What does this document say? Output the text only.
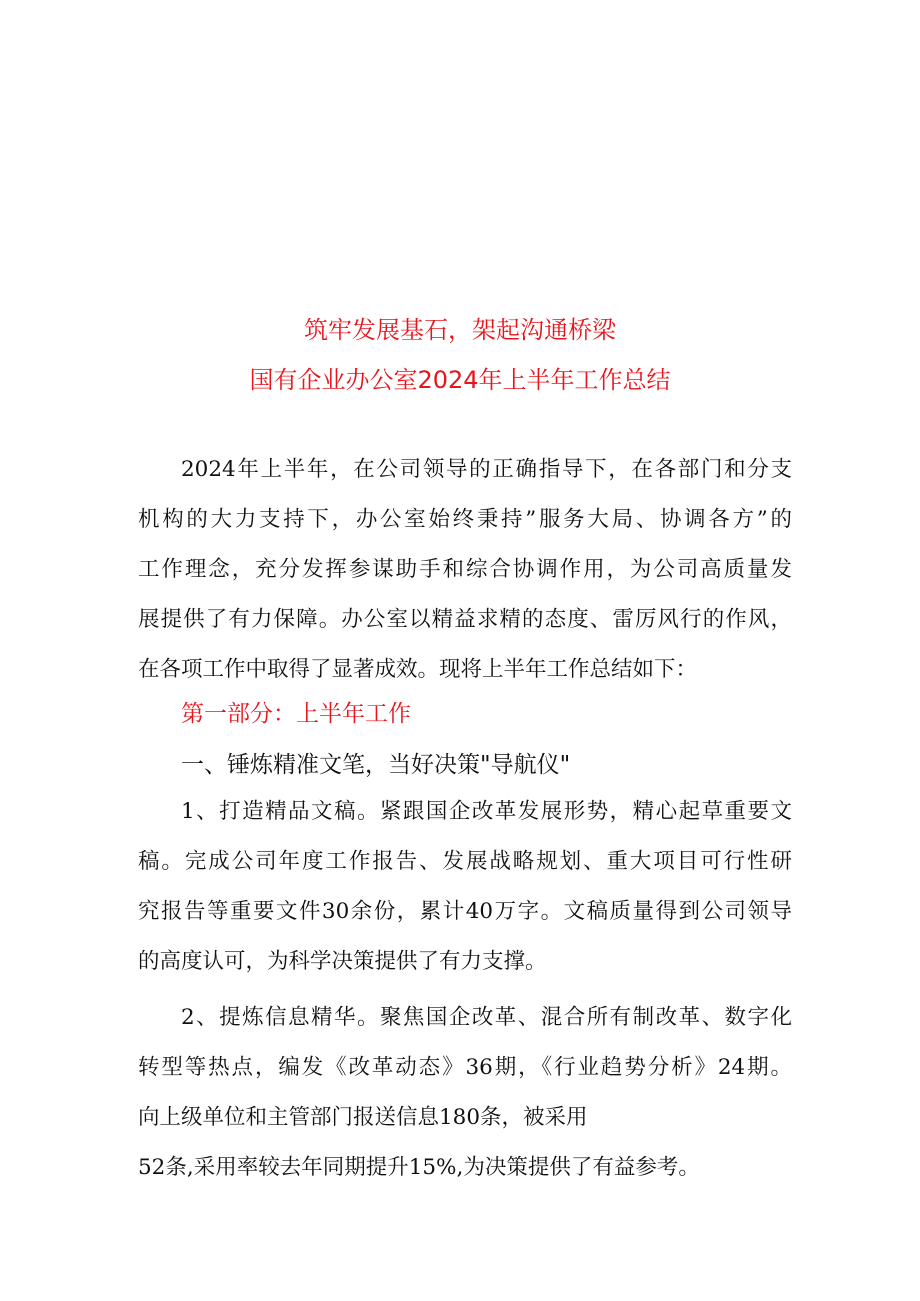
筑牢发展基石，架起沟通桥梁
国有企业办公室2024年上半年工作总结
2024年上半年，在公司领导的正确指导下，在各部门和分支
机构的大力支持下，办公室始终秉持”服务大局、协调各方”的
工作理念，充分发挥参谋助手和综合协调作用，为公司高质量发
展提供了有力保障。办公室以精益求精的态度、雷厉风行的作风，
在各项工作中取得了显著成效。现将上半年工作总结如下：
第一部分：上半年工作
一、锤炼精准文笔，当好决策"导航仪"
1、打造精品文稿。紧跟国企改革发展形势，精心起草重要文
稿。完成公司年度工作报告、发展战略规划、重大项目可行性研
究报告等重要文件30余份，累计40万字。文稿质量得到公司领导
的高度认可，为科学决策提供了有力支撑。
2、提炼信息精华。聚焦国企改革、混合所有制改革、数字化
转型等热点，编发《改革动态》36期，《行业趋势分析》24期。
向上级单位和主管部门报送信息180条，被采用
52条,采用率较去年同期提升15%,为决策提供了有益参考。
